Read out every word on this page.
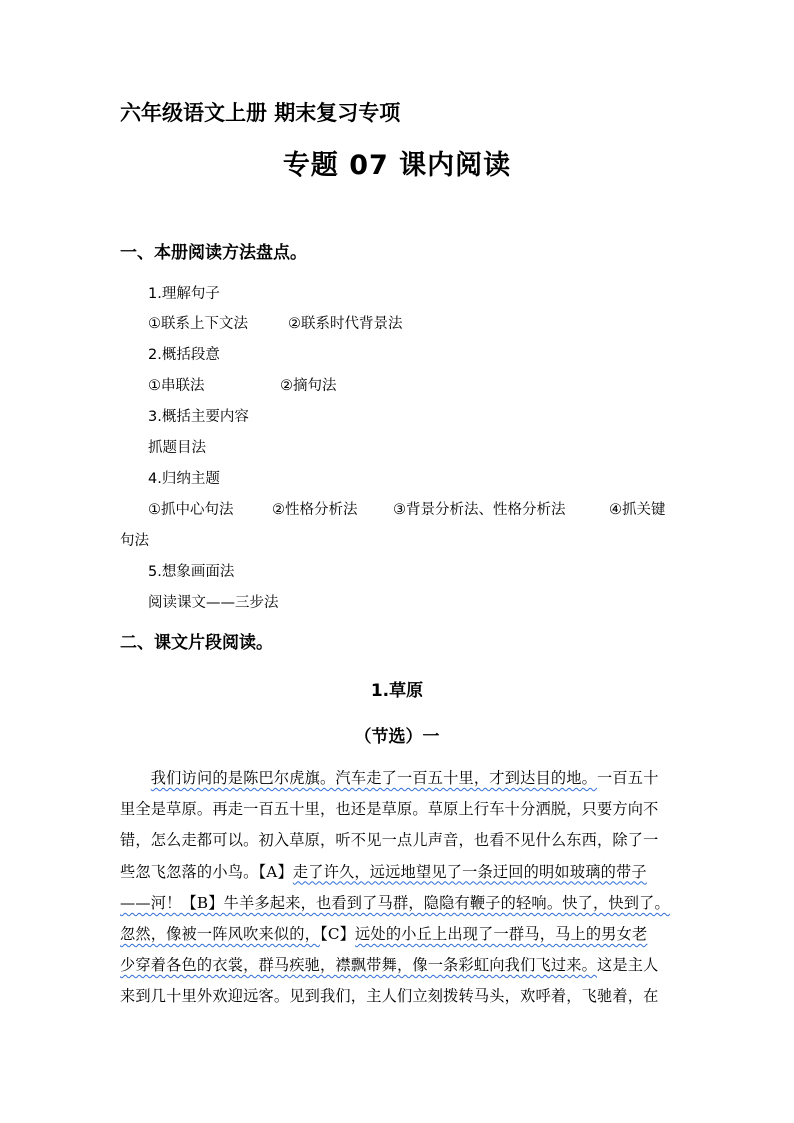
六年级语文上册 期末复习专项
专题 07 课内阅读
一、本册阅读方法盘点。
1.理解句子
①联系上下文法	②联系时代背景法
2.概括段意
①串联法	②摘句法
3.概括主要内容
抓题目法
4.归纳主题
①抓中心句法	②性格分析法 ③背景分析法、性格分析法	④抓关键
句法
5.想象画面法
阅读课文——三步法
二、课文片段阅读。
1.草原
（节选）一
　　我们访问的是陈巴尔虎旗。汽车走了一百五十里，才到达目的地。一百五十
里全是草原。再走一百五十里，也还是草原。草原上行车十分洒脱，只要方向不
错，怎么走都可以。初入草原，听不见一点儿声音，也看不见什么东西，除了一
些忽飞忽落的小鸟。【A】走了许久，远远地望见了一条迂回的明如玻璃的带子
——河！【B】牛羊多起来，也看到了马群，隐隐有鞭子的轻响。快了，快到了。
忽然，像被一阵风吹来似的，【C】远处的小丘上出现了一群马，马上的男女老
少穿着各色的衣裳，群马疾驰，襟飘带舞，像一条彩虹向我们飞过来。这是主人
来到几十里外欢迎远客。见到我们，主人们立刻拨转马头，欢呼着，飞驰着，在
